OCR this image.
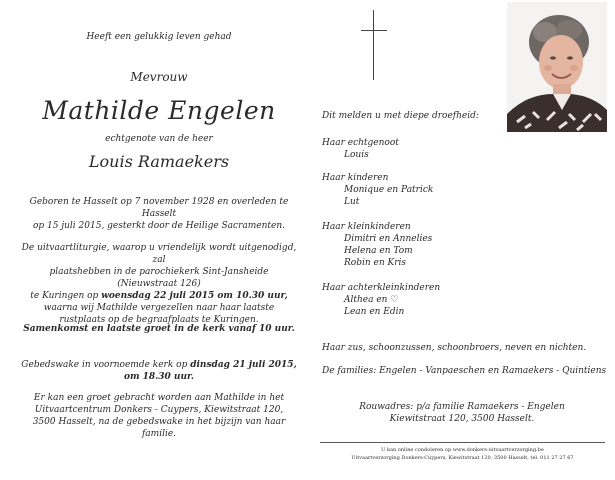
Heeft een gelukkig leven gehad
Mevrouw
Mathilde Engelen
echtgenote van de heer
Louis Ramaekers
Geboren te Hasselt op 7 november 1928 en overleden te Hasselt
op 15 juli 2015, gesterkt door de Heilige Sacramenten.
De uitvaartliturgie, waarop u vriendelijk wordt uitgenodigd, zal
plaatshebben in de parochiekerk Sint-Jansheide (Nieuwstraat 126)
te Kuringen op woensdag 22 juli 2015 om 10.30 uur,
waarna wij Mathilde vergezellen naar haar laatste
rustplaats op de begraafplaats te Kuringen.
Samenkomst en laatste groet in de kerk vanaf 10 uur.
Gebedswake in voornoemde kerk op dinsdag 21 juli 2015, om 18.30 uur.
Er kan een groet gebracht worden aan Mathilde in het
Uitvaartcentrum Donkers - Cuypers, Kiewitstraat 120,
3500 Hasselt, na de gebedswake in het bijzijn van haar familie.
Dit melden u met diepe droefheid:
Haar echtgenoot
Louis
Haar kinderen
Monique en Patrick
Lut
Haar kleinkinderen
Dimitri en Annelies
Helena en Tom
Robin en Kris
Haar achterkleinkinderen
Althea en ♡
Lean en Edin
Haar zus, schoonzussen, schoonbroers, neven en nichten.
De families: Engelen - Vanpaeschen en Ramaekers - Quintiens
Rouwadres: p/a familie Ramaekers - Engelen
Kiewitstraat 120, 3500 Hasselt.
U kan online condoleren op www.donkers-uitvaartverzorging.be
Uitvaartverzorging Donkers-Cuypers, Kiewitstraat 120, 3500 Hasselt, tel. 011 27 27 67
